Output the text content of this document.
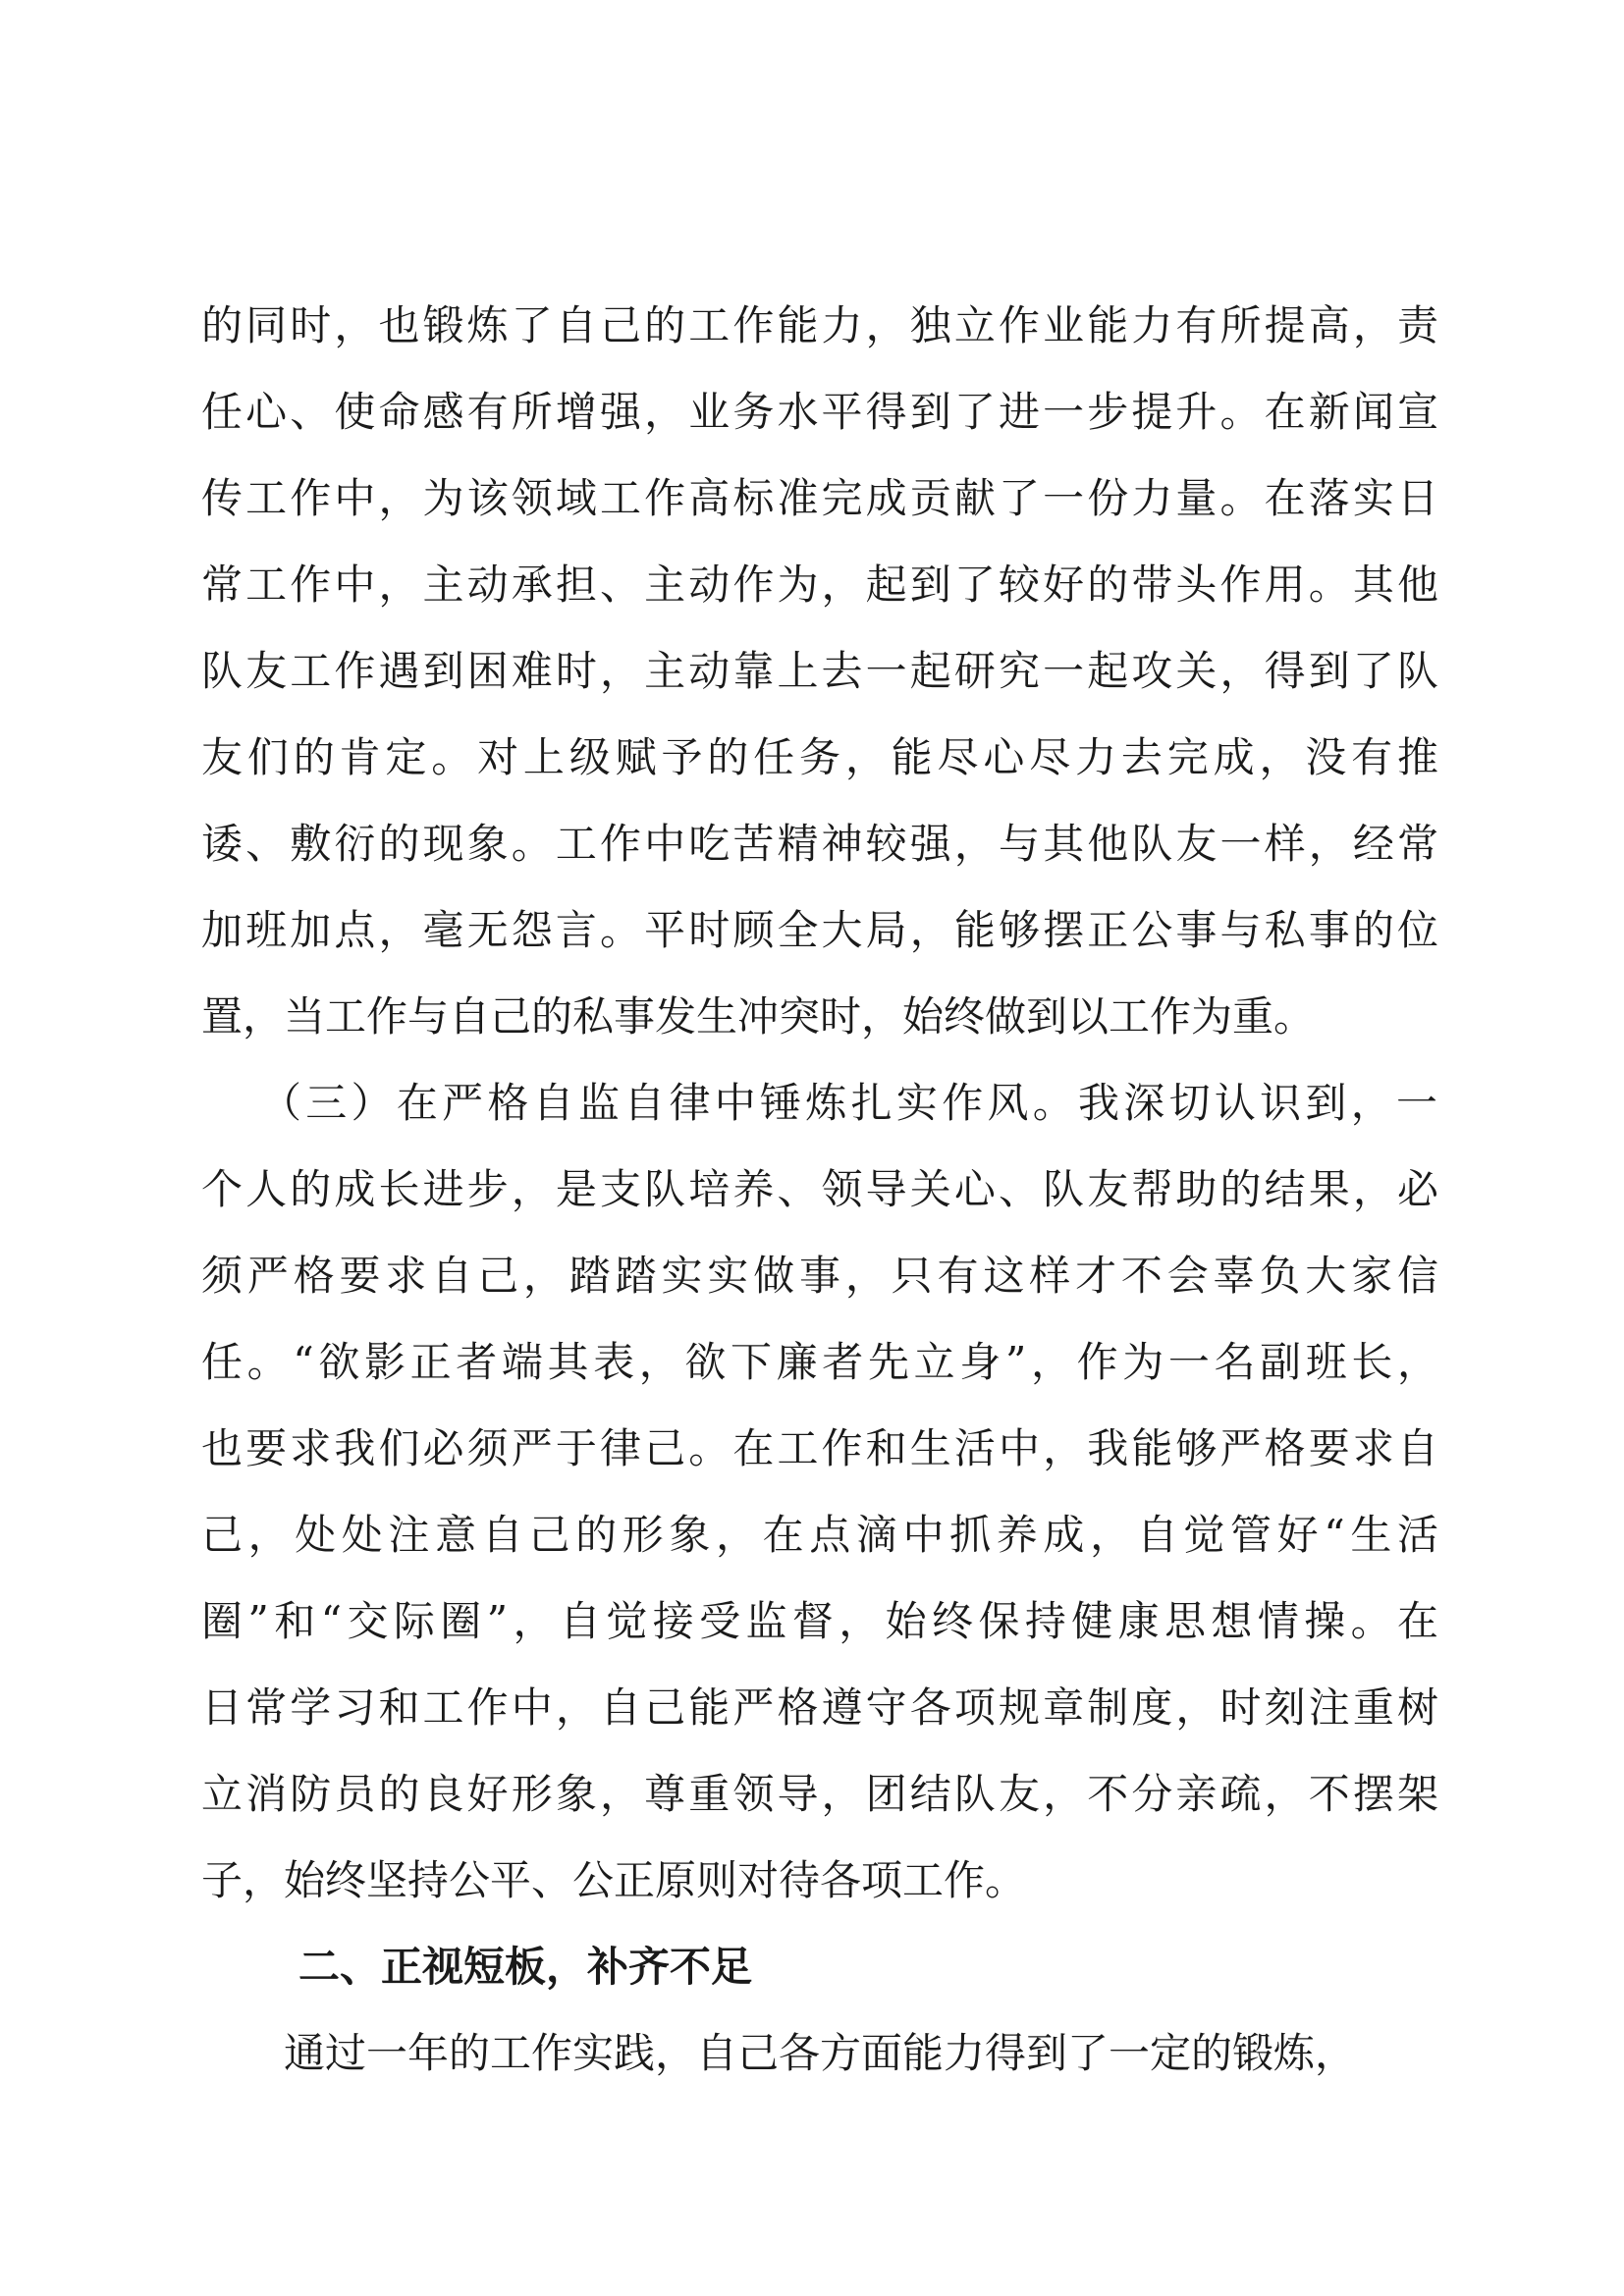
的同时，也锻炼了自己的工作能力，独立作业能力有所提高，责
任心、使命感有所增强，业务水平得到了进一步提升。在新闻宣
传工作中，为该领域工作高标准完成贡献了一份力量。在落实日
常工作中，主动承担、主动作为，起到了较好的带头作用。其他
队友工作遇到困难时，主动靠上去一起研究一起攻关，得到了队
友们的肯定。对上级赋予的任务，能尽心尽力去完成，没有推
诿、敷衍的现象。工作中吃苦精神较强，与其他队友一样，经常
加班加点，毫无怨言。平时顾全大局，能够摆正公事与私事的位
置，当工作与自己的私事发生冲突时，始终做到以工作为重。
（三）在严格自监自律中锤炼扎实作风。我深切认识到，一
个人的成长进步，是支队培养、领导关心、队友帮助的结果，必
须严格要求自己，踏踏实实做事，只有这样才不会辜负大家信
任。“欲影正者端其表，欲下廉者先立身”，作为一名副班长，
也要求我们必须严于律己。在工作和生活中，我能够严格要求自
己，处处注意自己的形象，在点滴中抓养成，自觉管好“生活
圈”和“交际圈”，自觉接受监督，始终保持健康思想情操。在
日常学习和工作中，自己能严格遵守各项规章制度，时刻注重树
立消防员的良好形象，尊重领导，团结队友，不分亲疏，不摆架
子，始终坚持公平、公正原则对待各项工作。
二、正视短板，补齐不足
通过一年的工作实践，自己各方面能力得到了一定的锻炼，
